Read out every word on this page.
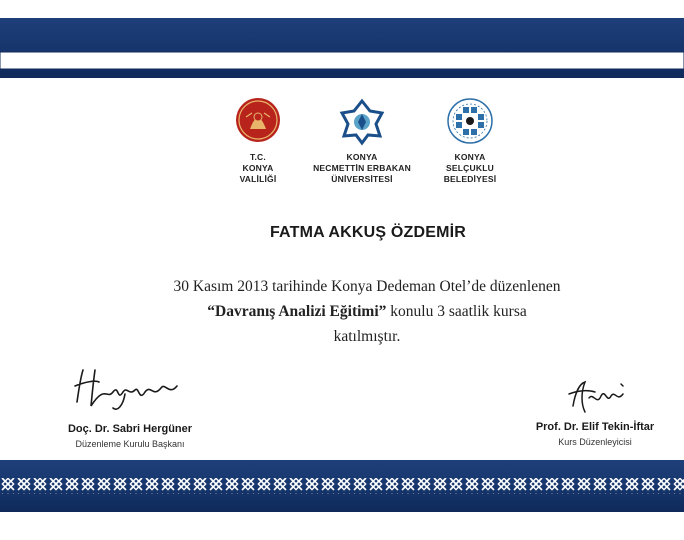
T.C.
KONYA
VALİLİĞİ
KONYA
NECMETTİN ERBAKAN
ÜNİVERSİTESİ
KONYA
SELÇUKLU
BELEDİYESİ
FATMA AKKUŞ ÖZDEMİR
30 Kasım 2013 tarihinde Konya Dedeman Otel’de düzenlenen
“Davranış Analizi Eğitimi” konulu 3 saatlik kursa
katılmıştır.
Doç. Dr. Sabri Hergüner
Düzenleme Kurulu Başkanı
Prof. Dr. Elif Tekin-İftar
Kurs Düzenleyicisi
